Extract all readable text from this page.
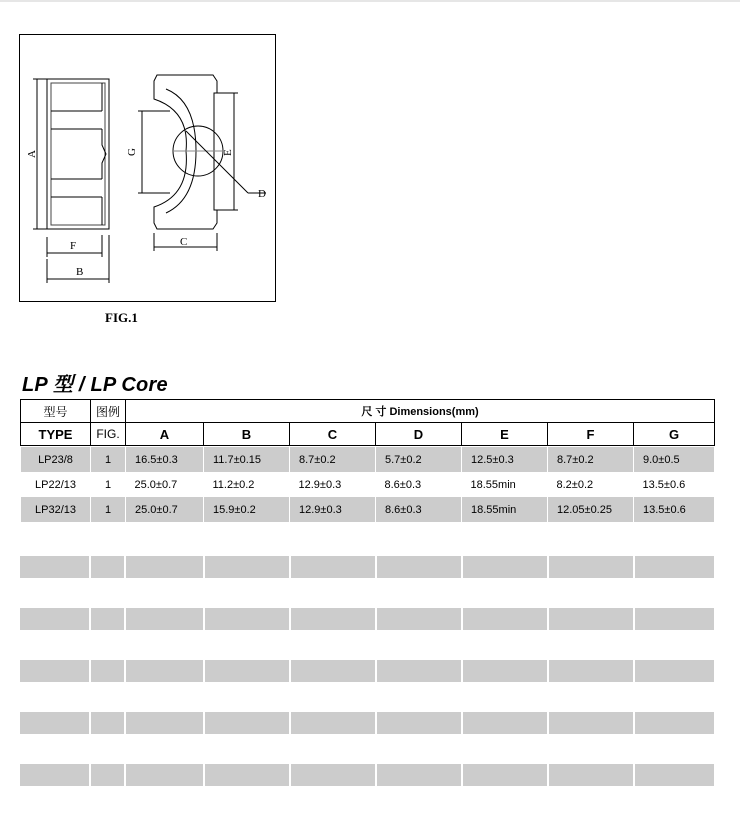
A
F
B
C
G	E
D
FIG.1
LP 型 / LP Core
型号	图例	尺 寸 Dimensions(mm)						
TYPE	FIG.	A	B	C	D	E	F	G

LP23/8	1	16.5±0.3	11.7±0.15	8.7±0.2	5.7±0.2	12.5±0.3	8.7±0.2	9.0±0.5
LP22/13	1	25.0±0.7	11.2±0.2	12.9±0.3	8.6±0.3	18.55min	8.2±0.2	13.5±0.6
LP32/13	1	25.0±0.7	15.9±0.2	12.9±0.3	8.6±0.3	18.55min	12.05±0.25	13.5±0.6
